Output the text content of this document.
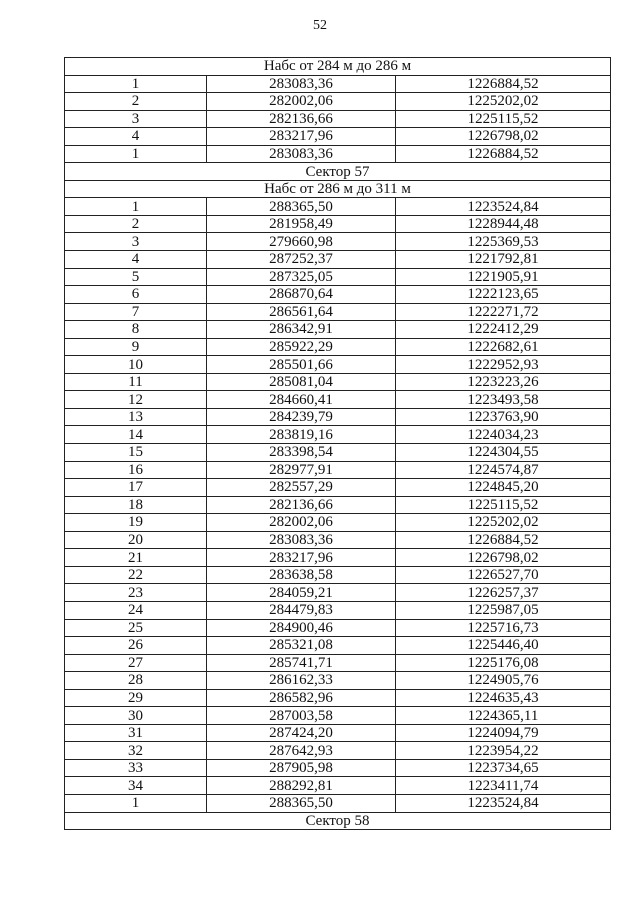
52
Набс от 284 м до 286 м		
1	283083,36	1226884,52
2	282002,06	1225202,02
3	282136,66	1225115,52
4	283217,96	1226798,02
1	283083,36	1226884,52
Сектор 57		
Набс от 286 м до 311 м		
1	288365,50	1223524,84
2	281958,49	1228944,48
3	279660,98	1225369,53
4	287252,37	1221792,81
5	287325,05	1221905,91
6	286870,64	1222123,65
7	286561,64	1222271,72
8	286342,91	1222412,29
9	285922,29	1222682,61
10	285501,66	1222952,93
11	285081,04	1223223,26
12	284660,41	1223493,58
13	284239,79	1223763,90
14	283819,16	1224034,23
15	283398,54	1224304,55
16	282977,91	1224574,87
17	282557,29	1224845,20
18	282136,66	1225115,52
19	282002,06	1225202,02
20	283083,36	1226884,52
21	283217,96	1226798,02
22	283638,58	1226527,70
23	284059,21	1226257,37
24	284479,83	1225987,05
25	284900,46	1225716,73
26	285321,08	1225446,40
27	285741,71	1225176,08
28	286162,33	1224905,76
29	286582,96	1224635,43
30	287003,58	1224365,11
31	287424,20	1224094,79
32	287642,93	1223954,22
33	287905,98	1223734,65
34	288292,81	1223411,74
1	288365,50	1223524,84
Сектор 58		
